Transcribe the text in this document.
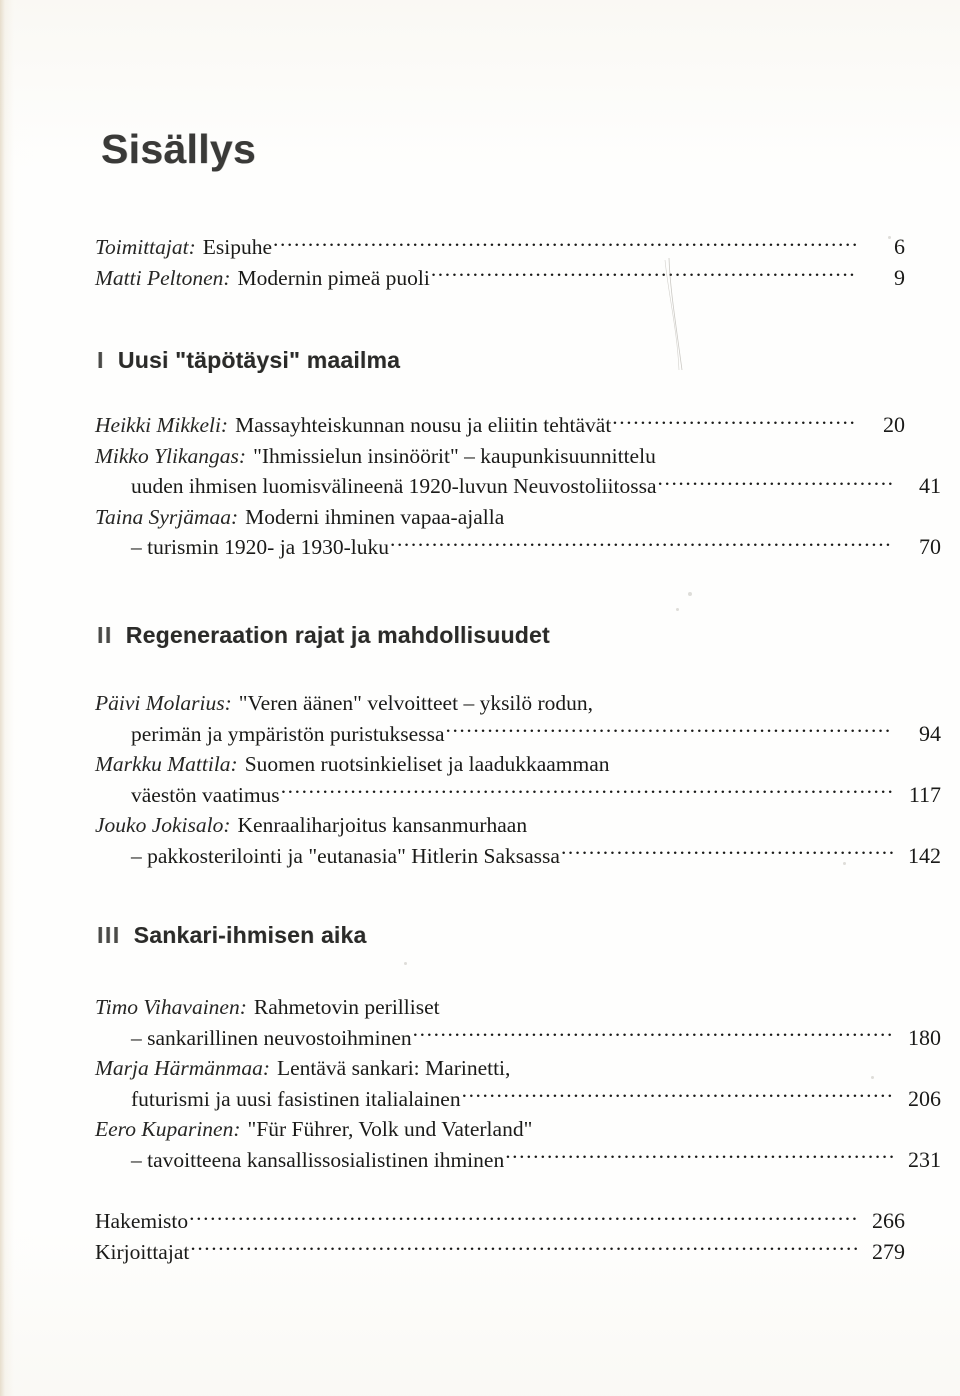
Sisällys
Toimittajat: Esipuhe .....	6
Matti Peltonen: Modernin pimeä puoli .....	9
I Uusi "täpötäysi" maailma
Heikki Mikkeli: Massayhteiskunnan nousu ja eliitin tehtävät .....	20
Mikko Ylikangas: "Ihmissielun insinöörit" – kaupunkisuunnittelu
uuden ihmisen luomisvälineenä 1920-luvun Neuvostoliitossa .....	41
Taina Syrjämaa: Moderni ihminen vapaa-ajalla
– turismin 1920- ja 1930-luku .....	70
II Regeneraation rajat ja mahdollisuudet
Päivi Molarius: "Veren äänen" velvoitteet – yksilö rodun,
perimän ja ympäristön puristuksessa .....	94
Markku Mattila: Suomen ruotsinkieliset ja laadukkaamman
väestön vaatimus .....	117
Jouko Jokisalo: Kenraaliharjoitus kansanmurhaan
– pakkosterilointi ja "eutanasia" Hitlerin Saksassa .....	142
III Sankari-ihmisen aika
Timo Vihavainen: Rahmetovin perilliset
– sankarillinen neuvostoihminen .....	180
Marja Härmänmaa: Lentävä sankari: Marinetti,
futurismi ja uusi fasistinen italialainen .....	206
Eero Kuparinen: "Für Führer, Volk und Vaterland"
– tavoitteena kansallissosialistinen ihminen .....	231
Hakemisto .....	266
Kirjoittajat .....	279
